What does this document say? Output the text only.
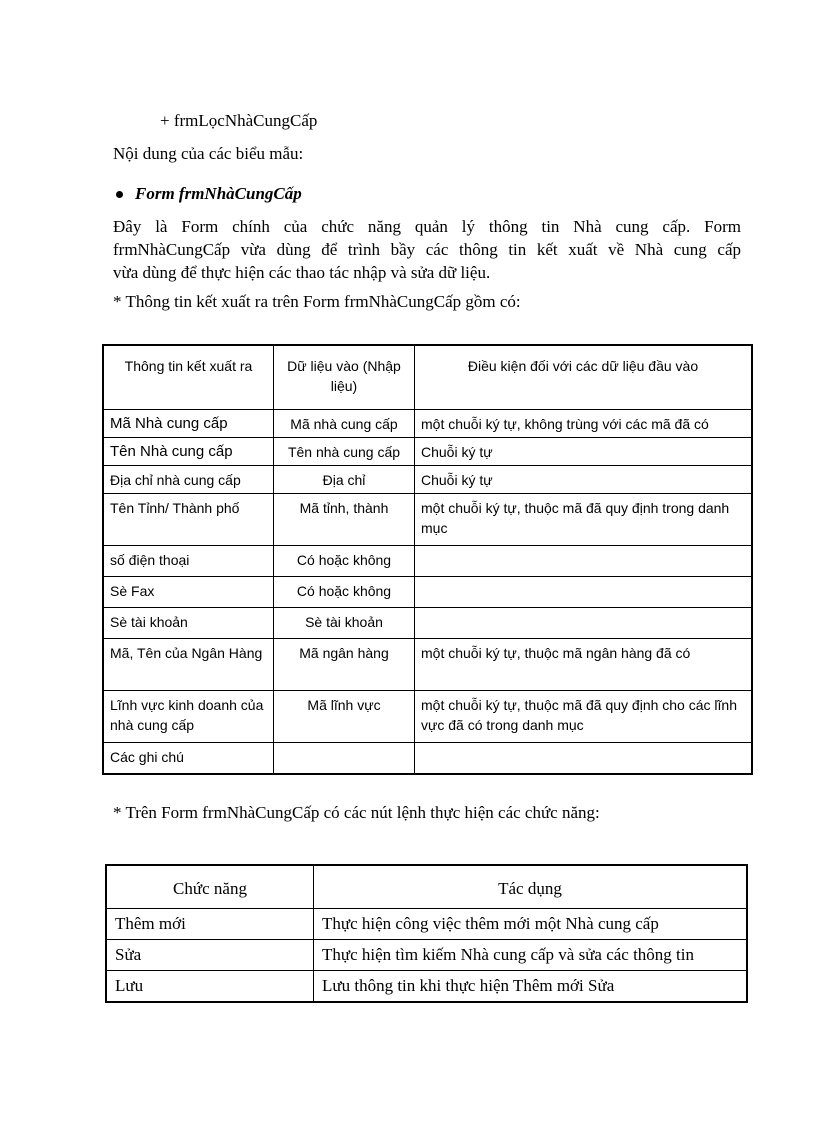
+ frmLọcNhàCungCấp
Nội dung của các biểu mẫu:
Form frmNhàCungCấp
Đây là Form chính của chức năng quản lý thông tin Nhà cung cấp. Form
frmNhàCungCấp vừa dùng để trình bầy các thông tin kết xuất về Nhà cung cấp
vừa dùng để thực hiện các thao tác nhập và sửa dữ liệu.
* Thông tin kết xuất ra trên Form frmNhàCungCấp gồm có:
Thông tin kết xuất ra	Dữ liệu vào (Nhập liệu)	Điều kiện đối với các dữ liệu đầu vào
Mã Nhà cung cấp	Mã nhà cung cấp	một chuỗi ký tự, không trùng với các mã đã có
Tên Nhà cung cấp	Tên nhà cung cấp	Chuỗi ký tự
Địa chỉ nhà cung cấp	Địa chỉ	Chuỗi ký tự
Tên Tỉnh/ Thành phố	Mã tỉnh, thành	một chuỗi ký tự, thuộc mã đã quy định trong danh mục
số điện thoại	Có hoặc không	
Sè Fax	Có hoặc không	
Sè tài khoản	Sè tài khoản	
Mã, Tên của Ngân Hàng	Mã ngân hàng	một chuỗi ký tự, thuộc mã ngân hàng đã có
Lĩnh vực kinh doanh của nhà cung cấp	Mã lĩnh vực	một chuỗi ký tự, thuộc mã đã quy định cho các lĩnh vực đã có trong danh mục
Các ghi chú		
* Trên Form frmNhàCungCấp có các nút lệnh thực hiện các chức năng:
Chức năng	Tác dụng
Thêm mới	Thực hiện công việc thêm mới một Nhà cung cấp
Sửa	Thực hiện tìm kiếm Nhà cung cấp và sửa các thông tin
Lưu	Lưu thông tin khi thực hiện Thêm mới Sửa
